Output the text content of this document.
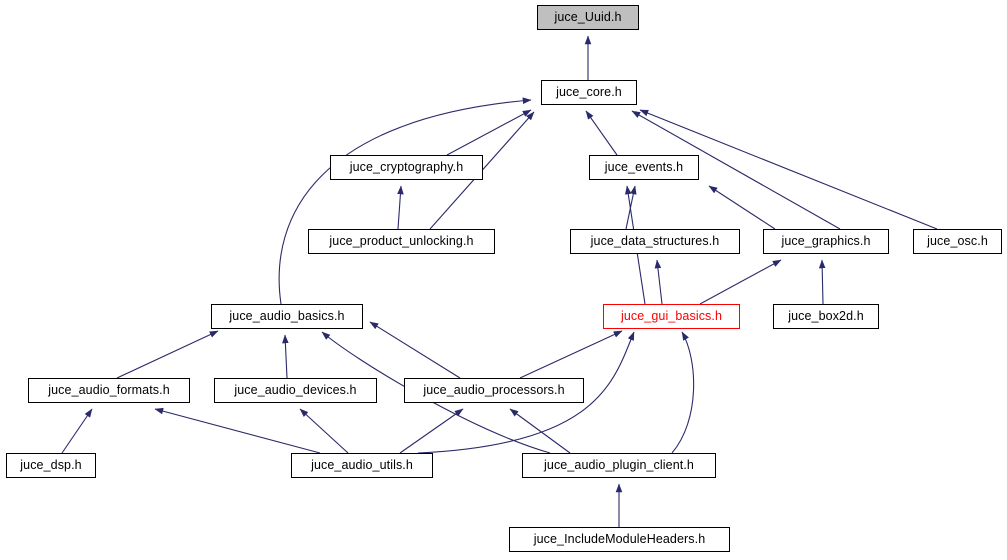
juce_Uuid.h
juce_core.h
juce_cryptography.h	juce_events.h
juce_product_unlocking.h	juce_data_structures.h	juce_graphics.h	juce_osc.h
juce_audio_basics.h	juce_gui_basics.h	juce_box2d.h
juce_audio_formats.h	juce_audio_devices.h	juce_audio_processors.h
juce_dsp.h	juce_audio_utils.h	juce_audio_plugin_client.h
juce_IncludeModuleHeaders.h
